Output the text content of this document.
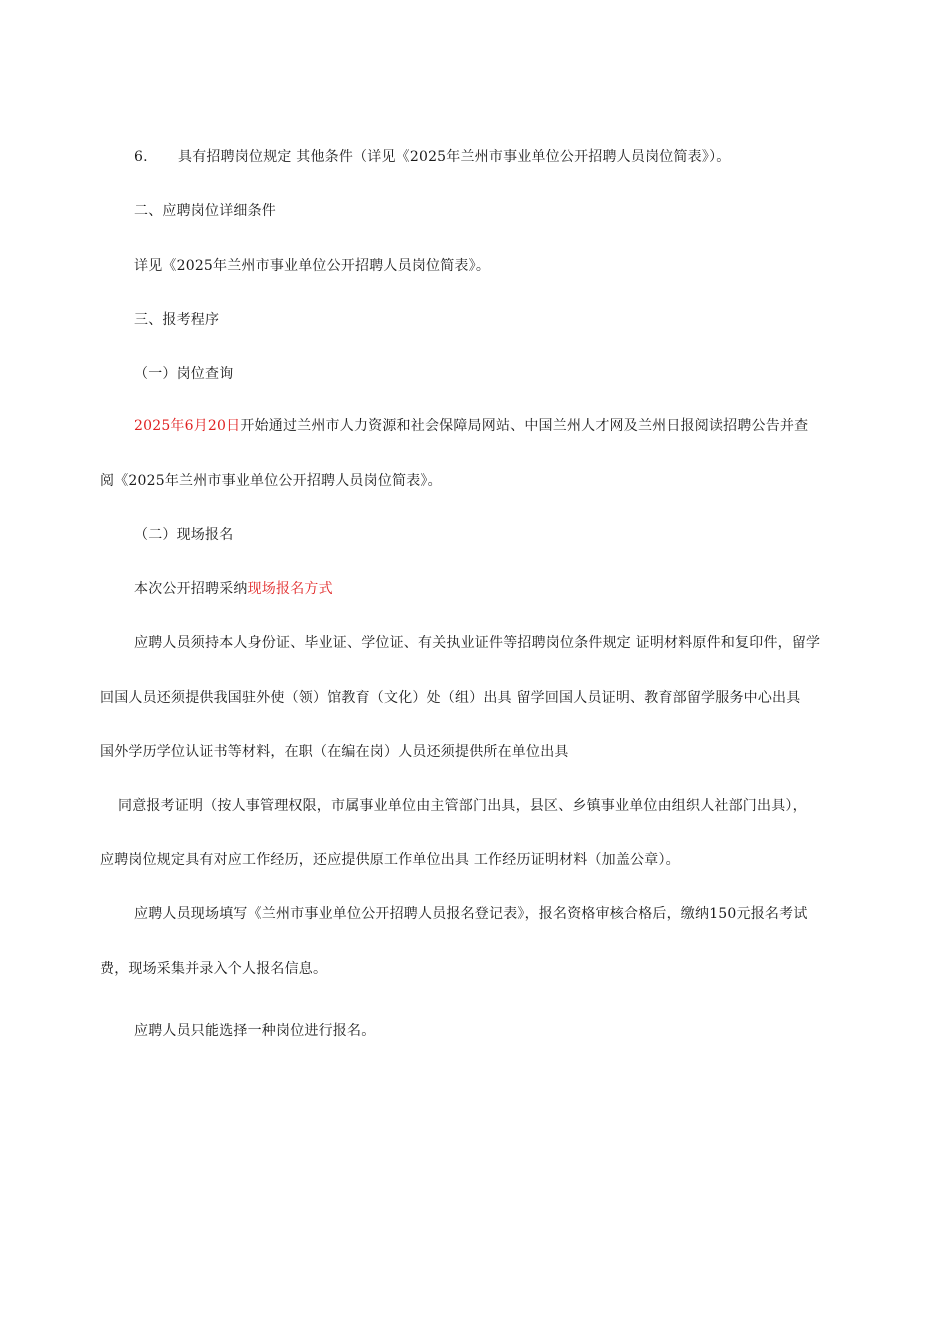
6. 具有招聘岗位规定 其他条件（详见《2025年兰州市事业单位公开招聘人员岗位简表》）。
二、应聘岗位详细条件
详见《2025年兰州市事业单位公开招聘人员岗位简表》。
三、报考程序
（一）岗位查询
2025年6月20日开始通过兰州市人力资源和社会保障局网站、中国兰州人才网及兰州日报阅读招聘公告并查
阅《2025年兰州市事业单位公开招聘人员岗位简表》。
（二）现场报名
本次公开招聘采纳现场报名方式
应聘人员须持本人身份证、毕业证、学位证、有关执业证件等招聘岗位条件规定 证明材料原件和复印件，留学
回国人员还须提供我国驻外使（领）馆教育（文化）处（组）出具 留学回国人员证明、教育部留学服务中心出具
国外学历学位认证书等材料，在职（在编在岗）人员还须提供所在单位出具
同意报考证明（按人事管理权限，市属事业单位由主管部门出具，县区、乡镇事业单位由组织人社部门出具），
应聘岗位规定具有对应工作经历，还应提供原工作单位出具 工作经历证明材料（加盖公章）。
应聘人员现场填写《兰州市事业单位公开招聘人员报名登记表》，报名资格审核合格后，缴纳150元报名考试
费，现场采集并录入个人报名信息。
应聘人员只能选择一种岗位进行报名。
